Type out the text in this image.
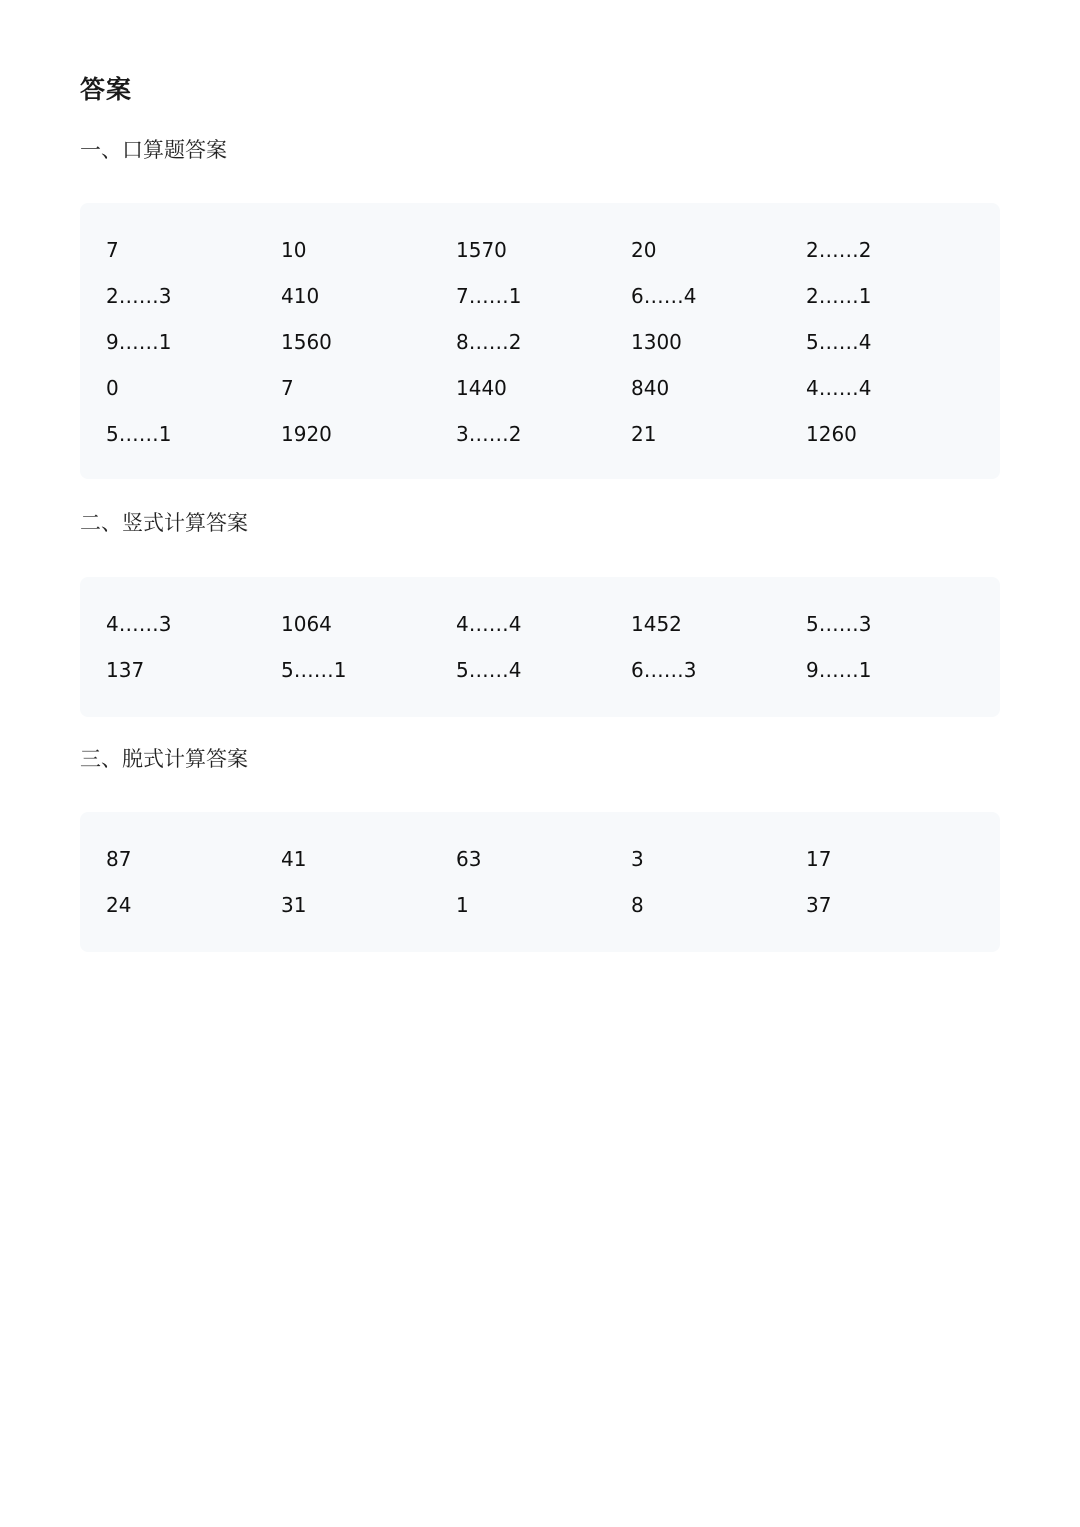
答案
一、口算题答案
7	10	1570	20	2……2
2……3	410	7……1	6……4	2……1
9……1	1560	8……2	1300	5……4
0	7	1440	840	4……4
5……1	1920	3……2	21	1260
二、竖式计算答案
4……3	1064	4……4	1452	5……3
137	5……1	5……4	6……3	9……1
三、脱式计算答案
87	41	63	3	17
24	31	1	8	37
